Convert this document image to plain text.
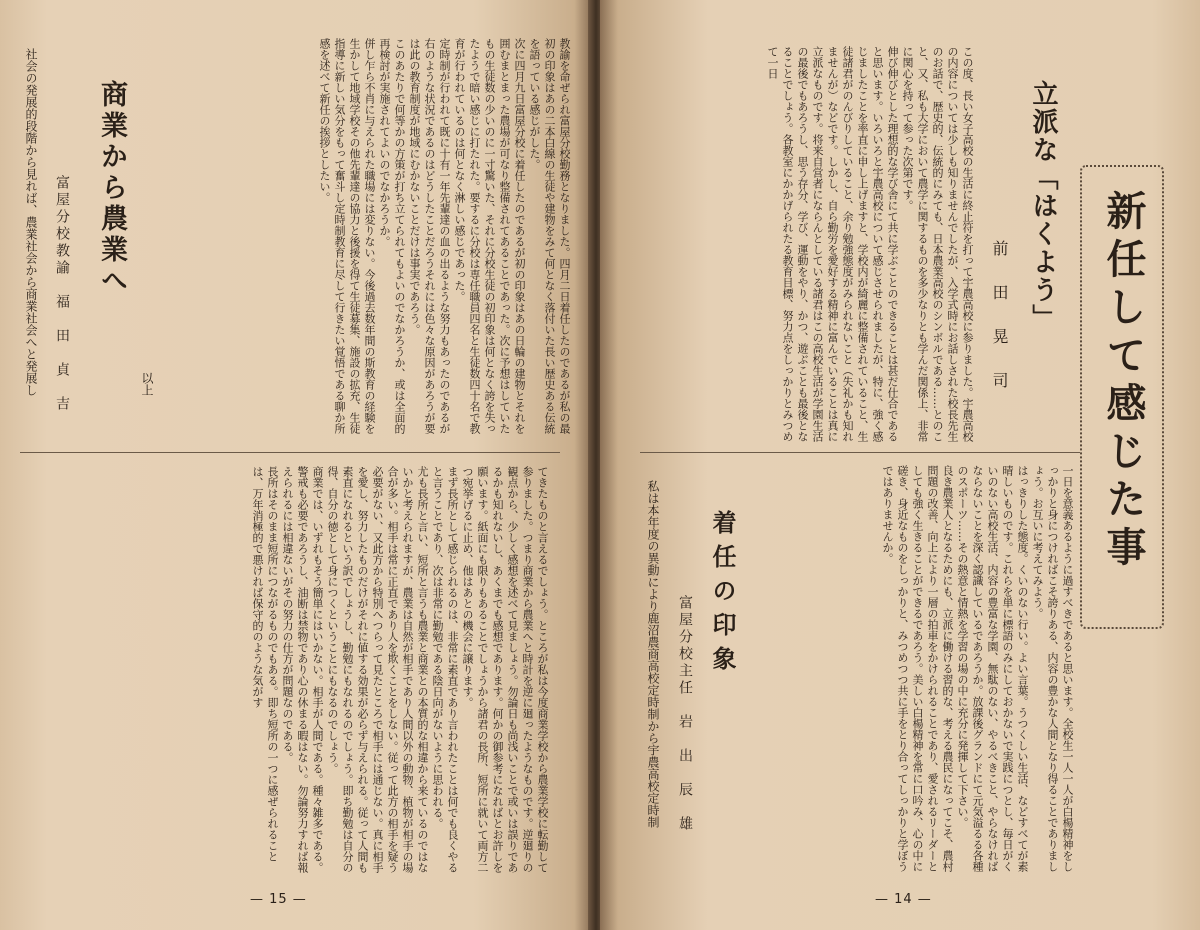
教諭を命ぜられ富屋分校勤務となりました。四月二日着任したのであるが私の最初の印象はあの二本白線の生徒や建物をみて何となく落付いた長い歴史ある伝統を語っている感じがした。
次に四月九日富屋分校に着任したのであるが初の印象はあの日輪の建物とそれを囲むまとまった農場が可なり整備されてあることであった。次に予想はしていたもの生徒数の少いのに一寸驚いた、それに分校生徒の初印象は何となく誇を失ったようで暗い感じに打たれた。要するに分校は専任職員四名と生徒数四十名で教育が行われているのは何となく淋しい感じであった。
定時制が行われて既に十有一年先輩達の血の出るような努力もあったのであるが右のような状況であるのはどうしたことだろうそれには色々な原因があろうが要は此の教育制度が地域にむかないことだけは事実であろう。
このあたりで何等かの方策が打ち立てられてもよいのでなかろうか、或は全面的再検討が実施されてよいのでなかろうか。
併し乍ら不肖に与えられた職場には変りない。今後過去数年間の斯教育の経験を生かして地域学校その他先輩達の協力と後援を得て生徒募集、施設の拡充、生徒指導に新しい気分をもって奮斗し定時制教育に尽して行きたい覚悟である聊か所感を述べて新任の挨拶としたい。
以上
商業から農業へ
富屋分校教諭　福　田　貞　吉
社会の発展的段階から見れば、農業社会から商業社会へと発展し
てきたものと言えるでしょう。ところが私は今度商業学校から農業学校に転勤して参りました。つまり商業から農業へと時計を逆に廻ったようなものです。逆廻りの観点から、少しく感想を述べて見ましょう。勿論日も尚浅いことで或いは誤りであるかも知れないし、あくまでも感想であります。何かの御参考になればとお許しを願います。紙面にも限りもあることでしょうから諸君の長所、短所に就いて両方二つ宛挙げるに止め、他はあとの機会に譲ります。
まず長所として感じられるのは、非常に素直であり言われたことは何でも良くやると言うことであり、次は非常に勤勉である陰日向がないように思われる。
尤も長所と言い、短所と言うも農業と商業との本質的な相違から来ているのではないかと考えられますが、農業は自然が相手であり人間以外の動物、植物が相手の場合が多い。相手は常に正直であり人を欺くことをしない。従って此方の相手を疑う必要がない、又此方から特別へつらって見たところで相手には通じない。真に相手を愛し、努力したものだけがそれに値する効果が必らず与えられる。従って人間も素直になれるという訳でしょうし、勤勉にもなれるのでしょう。即ち勤勉は自分の得、自分の徳として身につくということにもなるのでしょう。
商業では、いずれもそう簡単にはいかない。相手が人間である。種々雑多である。警戒も必要であろうし、油断は禁物であり心の休まる暇はない。勿論努力すれば報えられるには相違ないがその努力の仕方が問題なのである。
長所はそのまま短所につながるものでもある。即ち短所の一つに感ぜられることは、万年消極的で悪ければ保守的のような気がす
— 15 —
新任して感じた事
立派な「はくよう」
前　田　晃　司
この度、長い女子高校の生活に終止符を打って宇農高校に参りました。宇農高校の内容については少しも知りませんでしたが、入学式時にお話しされた校長先生のお話で、歴史的、伝統的にみても、日本農業高校のシンボルである……とのこと、又、私も大学において農学に関するものを多少なりとも学んだ関係上、非常に関心を持って参った次第です。
伸び伸びとした理想的な学び舎にて共に学ぶことのできることは甚だ仕合であると思います。いろいろと宇農高校について感じさせられましたが、特に、強く感じましたことを率直に申し上げますと、学校内が綺麗に整備されていること、生徒諸君がのんびりしていること、余り勉強態度がみられないこと（失礼かも知れませんが）などです。しかし、自ら勤労を愛好する精神に富んでいることは真に立派なものです。将来自営者にならんとしている諸君はこの高校生活が学園生活の最後でもあろうし、思う存分、学び、運動をやり、かつ、遊ぶことも最後となることでしょう。各教室にかかげられたる教育目標、努力点をしっかりとみつめて一日
一日を意義あるように過すべきであると思います。全校生一人一人が白楊精神をしっかりと身につければこそ誇りある、内容の豊かな人間となり得ることでありましょう。お互いに考えてみよう。
はっきりした態度。くいのない行い。よい言葉。うつくしい生活、などすべてが素晴しいものです。これらを単に標語のみにしておかないで実践につとし、毎日がくいのない高校生活、内容の豊富な学園、無駄のない、やるべきこと、やらなければならないことを深く認識しているであろうか。放課後グランドにて元気溢るる各種のスポーツ……その熱意と情熱を学習の場の中に充分に発揮して下さい。
良き農業人となるためにも、立派に働ける習的な、考える農民になってこそ、農村問題の改善、向上により一層の拍車をかけられることであり、愛されるリーダーとしても強く生きることができるであろう。美しい白楊精神を常に口吟み、心の中に磋き、身近なものをしっかりと、みつめつつ共に手をとり合ってしっかりと学ぼうではありませんか。
着任の印象
富屋分校主任　岩　出　辰　雄
私は本年度の異動により鹿沼農商高校定時制から宇農高校定時制
— 14 —
